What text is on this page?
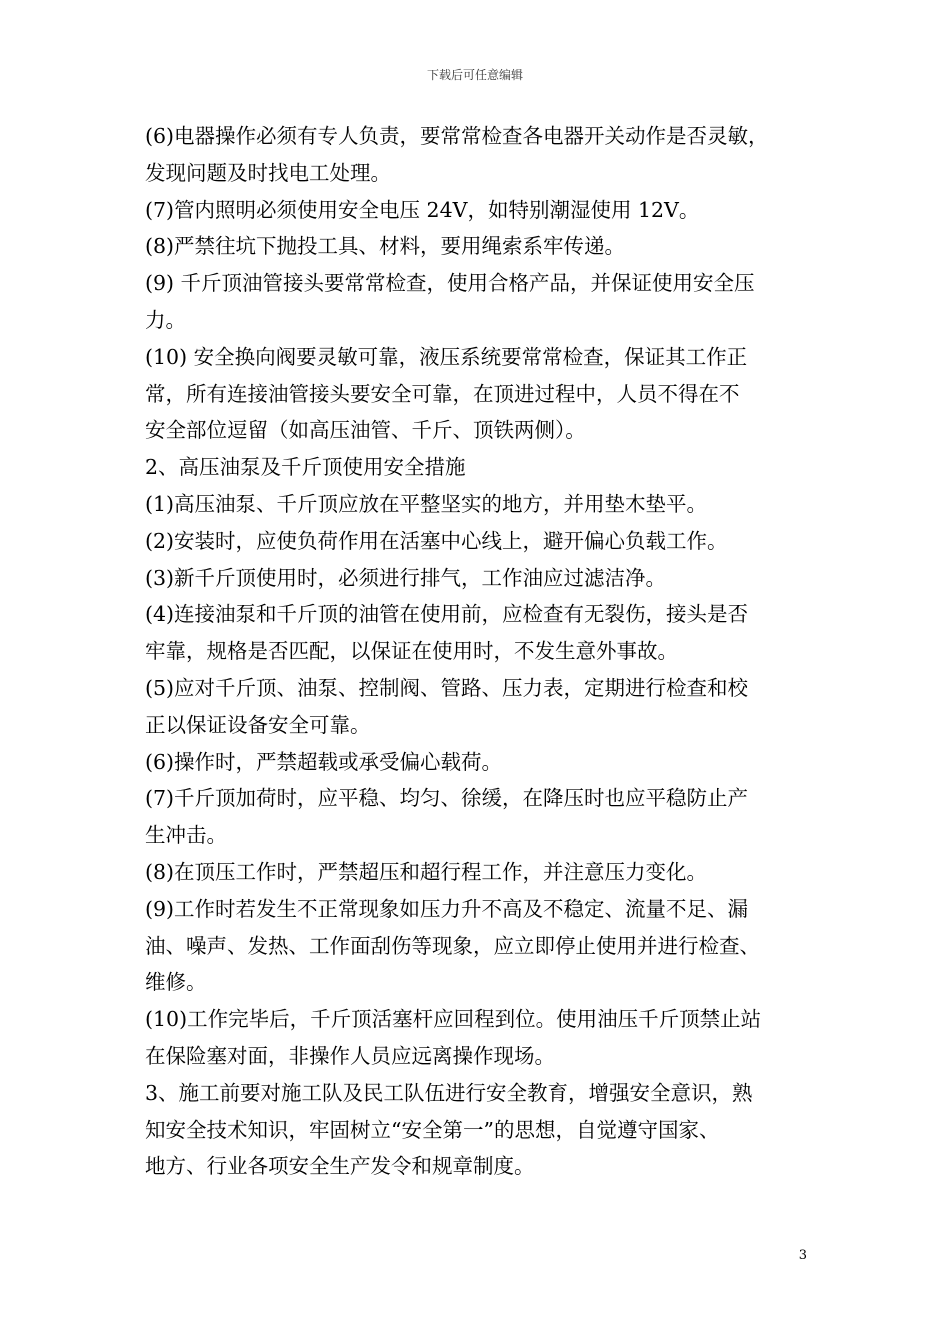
下载后可任意编辑

(6)电器操作必须有专人负责，要常常检查各电器开关动作是否灵敏，

发现问题及时找电工处理。

(7)管内照明必须使用安全电压 24V，如特别潮湿使用 12V。

(8)严禁往坑下抛投工具、材料，要用绳索系牢传递。

(9) 千斤顶油管接头要常常检查，使用合格产品，并保证使用安全压

力。

(10) 安全换向阀要灵敏可靠，液压系统要常常检查，保证其工作正

常，所有连接油管接头要安全可靠，在顶进过程中，人员不得在不

安全部位逗留（如高压油管、千斤、顶铁两侧）。

2、高压油泵及千斤顶使用安全措施

(1)高压油泵、千斤顶应放在平整坚实的地方，并用垫木垫平。

(2)安装时，应使负荷作用在活塞中心线上，避开偏心负载工作。

(3)新千斤顶使用时，必须进行排气，工作油应过滤洁净。

(4)连接油泵和千斤顶的油管在使用前，应检查有无裂伤，接头是否

牢靠，规格是否匹配，以保证在使用时，不发生意外事故。

(5)应对千斤顶、油泵、控制阀、管路、压力表，定期进行检查和校

正以保证设备安全可靠。

(6)操作时，严禁超载或承受偏心载荷。

(7)千斤顶加荷时，应平稳、均匀、徐缓，在降压时也应平稳防止产

生冲击。

(8)在顶压工作时，严禁超压和超行程工作，并注意压力变化。

(9)工作时若发生不正常现象如压力升不高及不稳定、流量不足、漏

油、噪声、发热、工作面刮伤等现象，应立即停止使用并进行检查、

维修。

(10)工作完毕后，千斤顶活塞杆应回程到位。使用油压千斤顶禁止站

在保险塞对面，非操作人员应远离操作现场。

3、施工前要对施工队及民工队伍进行安全教育，增强安全意识，熟

知安全技术知识，牢固树立“安全第一”的思想，自觉遵守国家、

地方、行业各项安全生产发令和规章制度。

3
